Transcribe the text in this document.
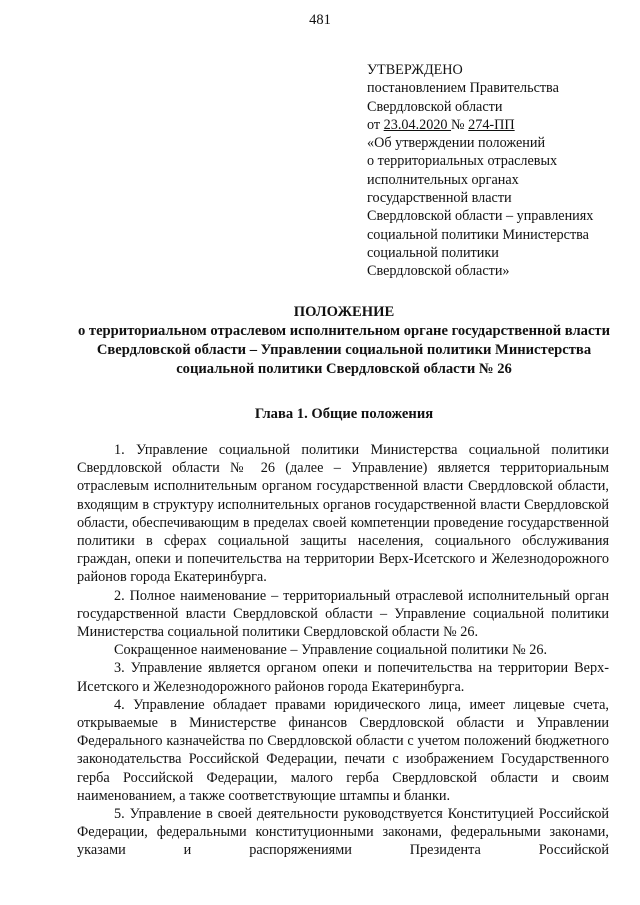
481
УТВЕРЖДЕНО
постановлением Правительства
Свердловской области
от 23.04.2020 № 274-ПП
«Об утверждении положений
о территориальных отраслевых
исполнительных органах
государственной власти
Свердловской области – управлениях
социальной политики Министерства
социальной политики
Свердловской области»
ПОЛОЖЕНИЕ
о территориальном отраслевом исполнительном органе государственной власти Свердловской области – Управлении социальной политики Министерства социальной политики Свердловской области № 26
Глава 1. Общие положения

1. Управление социальной политики Министерства социальной политики Свердловской области № 26 (далее – Управление) является территориальным отраслевым исполнительным органом государственной власти Свердловской области, входящим в структуру исполнительных органов государственной власти Свердловской области, обеспечивающим в пределах своей компетенции проведение государственной политики в сферах социальной защиты населения, социального обслуживания граждан, опеки и попечительства на территории Верх-Исетского и Железнодорожного районов города Екатеринбурга.

2. Полное наименование – территориальный отраслевой исполнительный орган государственной власти Свердловской области – Управление социальной политики Министерства социальной политики Свердловской области № 26.

Сокращенное наименование – Управление социальной политики № 26.

3. Управление является органом опеки и попечительства на территории Верх-Исетского и Железнодорожного районов города Екатеринбурга.

4. Управление обладает правами юридического лица, имеет лицевые счета, открываемые в Министерстве финансов Свердловской области и Управлении Федерального казначейства по Свердловской области с учетом положений бюджетного законодательства Российской Федерации, печати с изображением Государственного герба Российской Федерации, малого герба Свердловской области и своим наименованием, а также соответствующие штампы и бланки.

5. Управление в своей деятельности руководствуется Конституцией Российской Федерации, федеральными конституционными законами, федеральными законами, указами и распоряжениями Президента Российской
